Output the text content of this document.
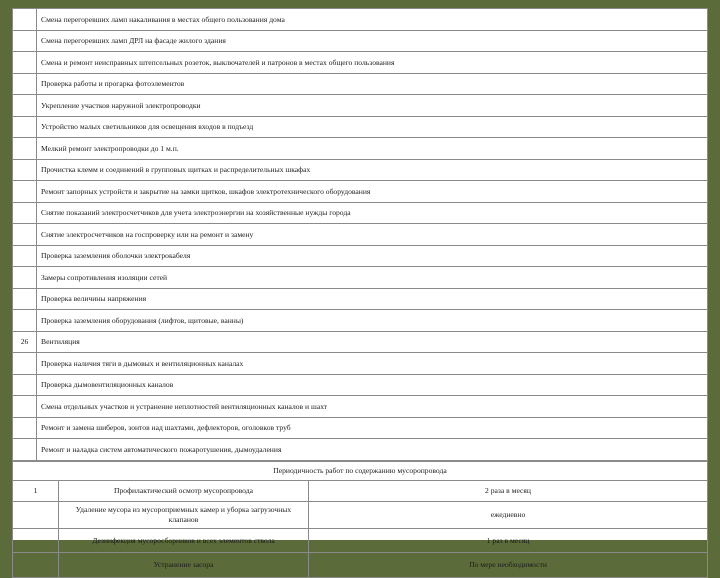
	Смена перегоревших ламп накаливания в местах общего пользования дома
	Смена перегоревших ламп ДРЛ на фасаде жилого здания
	Смена и ремонт неисправных штепсельных розеток, выключателей и патронов в местах общего пользования
	Проверка работы и прогарка фотоэлементов
	Укрепление участков наружной электропроводки
	Устройство малых светильников для освещения входов в подъезд
	Мелкий ремонт электропроводки до 1 м.п.
	Прочистка клемм и соединений в групповых щитках и распределительных шкафах
	Ремонт запорных устройств и закрытие на замки щитков, шкафов электротехнического оборудования
	Снятие показаний электросчетчиков для учета электроэнергии на хозяйственные нужды города
	Снятие электросчетчиков на госпроверку или на ремонт и замену
	Проверка заземления оболочки электрокабеля
	Замеры сопротивления изоляции сетей
	Проверка величины напряжения
	Проверка заземления оборудования (лифтов, щитовые, ванны)
26	Вентиляция
	Проверка наличия тяги в дымовых и вентиляционных каналах
	Проверка дымовентиляционных каналов
	Смена отдельных участков и устранение неплотностей вентиляционных каналов и шахт
	Ремонт и замена шиберов, зонтов над шахтами, дефлекторов, оголовков труб
	Ремонт и наладка систем автоматического пожаротушения, дымоудаления
Периодичность работ по содержанию мусоропровода		
1	Профилактический осмотр мусоропровода	2 раза в месяц
	Удаление мусора из мусороприемных камер и уборка загрузочных клапанов	ежедневно
	Дезинфекция мусоросборников и всех элементов ствола	1 раз в месяц
	Устранение засора	По мере необходимости
